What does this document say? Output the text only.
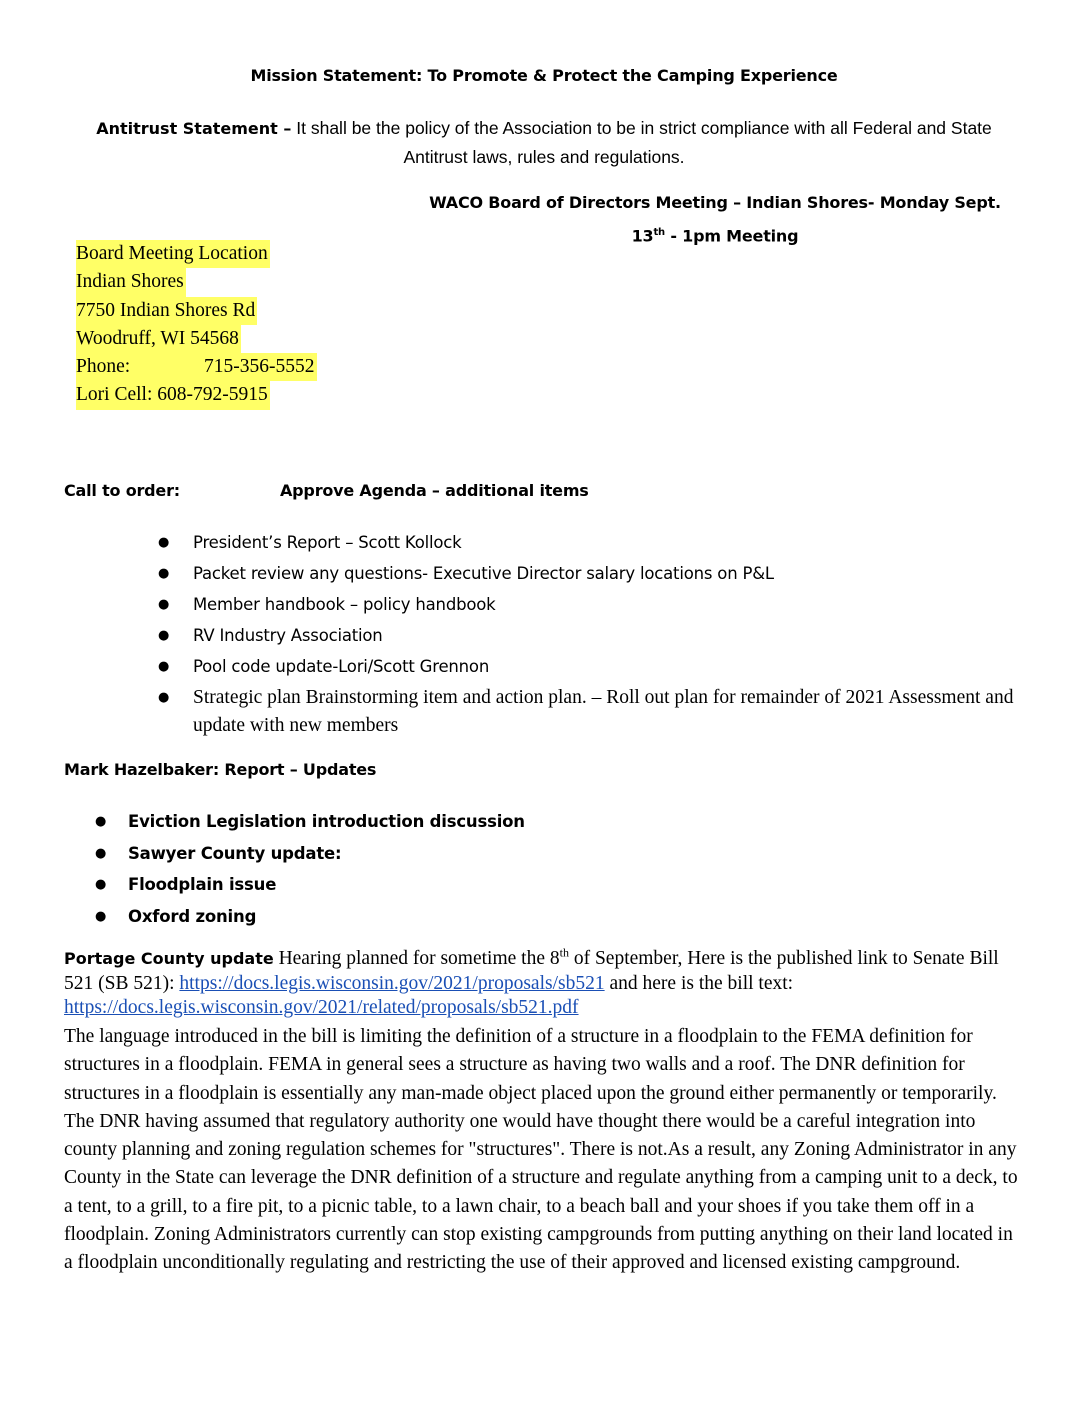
Mission Statement: To Promote & Protect the Camping Experience
Antitrust Statement – It shall be the policy of the Association to be in strict compliance with all Federal and State Antitrust laws, rules and regulations.
WACO Board of Directors Meeting – Indian Shores- Monday Sept.
13th - 1pm Meeting
Board Meeting Location
Indian Shores
7750 Indian Shores Rd
Woodruff, WI 54568
Phone:	715-356-5552
Lori Cell: 608-792-5915
Call to order:	Approve Agenda – additional items
● President’s Report – Scott Kollock
● Packet review any questions- Executive Director salary locations on P&L
● Member handbook – policy handbook
● RV Industry Association
● Pool code update-Lori/Scott Grennon
● Strategic plan Brainstorming item and action plan. – Roll out plan for remainder of 2021 Assessment and update with new members
Mark Hazelbaker: Report – Updates
● Eviction Legislation introduction discussion
● Sawyer County update:
● Floodplain issue
● Oxford zoning
Portage County update Hearing planned for sometime the 8th of September, Here is the published link to Senate Bill 521 (SB 521): https://docs.legis.wisconsin.gov/2021/proposals/sb521 and here is the bill text: https://docs.legis.wisconsin.gov/2021/related/proposals/sb521.pdf
The language introduced in the bill is limiting the definition of a structure in a floodplain to the FEMA definition for structures in a floodplain. FEMA in general sees a structure as having two walls and a roof. The DNR definition for structures in a floodplain is essentially any man-made object placed upon the ground either permanently or temporarily. The DNR having assumed that regulatory authority one would have thought there would be a careful integration into county planning and zoning regulation schemes for "structures". There is not.As a result, any Zoning Administrator in any County in the State can leverage the DNR definition of a structure and regulate anything from a camping unit to a deck, to a tent, to a grill, to a fire pit, to a picnic table, to a lawn chair, to a beach ball and your shoes if you take them off in a floodplain. Zoning Administrators currently can stop existing campgrounds from putting anything on their land located in a floodplain unconditionally regulating and restricting the use of their approved and licensed existing campground.
